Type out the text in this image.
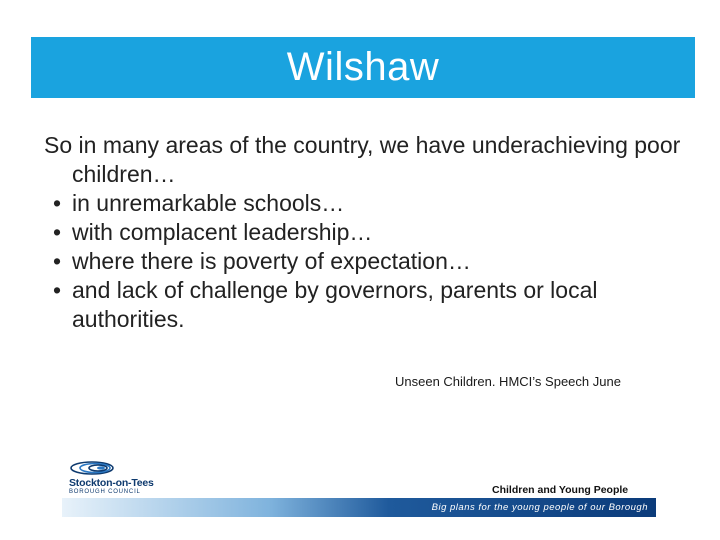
Wilshaw

So in many areas of the country, we have underachieving poor children…

• in unremarkable schools…
• with complacent leadership…
• where there is poverty of expectation…
• and lack of challenge by governors, parents or local authorities.
Unseen Children. HMCI’s Speech June
Stockton-on-Tees
BOROUGH COUNCIL	Children and Young People
Big plans for the young people of our Borough
